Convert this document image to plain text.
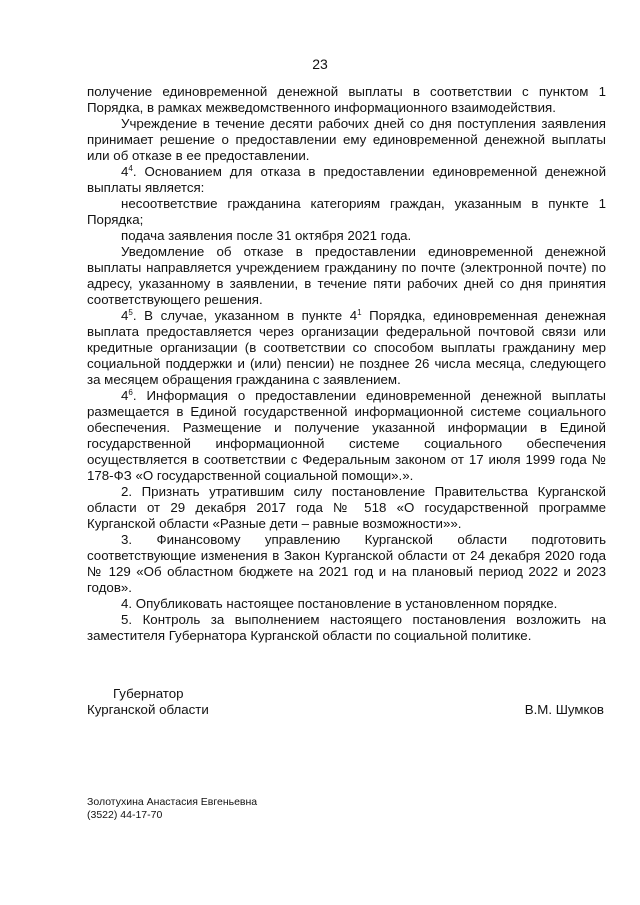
23

получение единовременной денежной выплаты в соответствии с пунктом 1 Порядка, в рамках межведомственного информационного взаимодействия.

Учреждение в течение десяти рабочих дней со дня поступления заявления принимает решение о предоставлении ему единовременной денежной выплаты или об отказе в ее предоставлении.

$4^4$. Основанием для отказа в предоставлении единовременной денежной выплаты является:

несоответствие гражданина категориям граждан, указанным в пункте 1 Порядка;

подача заявления после 31 октября 2021 года.

Уведомление об отказе в предоставлении единовременной денежной выплаты направляется учреждением гражданину по почте (электронной почте) по адресу, указанному в заявлении, в течение пяти рабочих дней со дня принятия соответствующего решения.

$4^5$. В случае, указанном в пункте $4^1$ Порядка, единовременная денежная выплата предоставляется через организации федеральной почтовой связи или кредитные организации (в соответствии со способом выплаты гражданину мер социальной поддержки и (или) пенсии) не позднее 26 числа месяца, следующего за месяцем обращения гражданина с заявлением.

$4^6$. Информация о предоставлении единовременной денежной выплаты размещается в Единой государственной информационной системе социального обеспечения. Размещение и получение указанной информации в Единой государственной информационной системе социального обеспечения осуществляется в соответствии с Федеральным законом от 17 июля 1999 года № 178-ФЗ «О государственной социальной помощи».».

2. Признать утратившим силу постановление Правительства Курганской области от 29 декабря 2017 года № 518 «О государственной программе Курганской области «Разные дети – равные возможности»».

3. Финансовому управлению Курганской области подготовить соответствующие изменения в Закон Курганской области от 24 декабря 2020 года № 129 «Об областном бюджете на 2021 год и на плановый период 2022 и 2023 годов».

4. Опубликовать настоящее постановление в установленном порядке.

5. Контроль за выполнением настоящего постановления возложить на заместителя Губернатора Курганской области по социальной политике.

Губернатор
Курганской области	В.М. Шумков
Золотухина Анастасия Евгеньевна
(3522) 44-17-70
